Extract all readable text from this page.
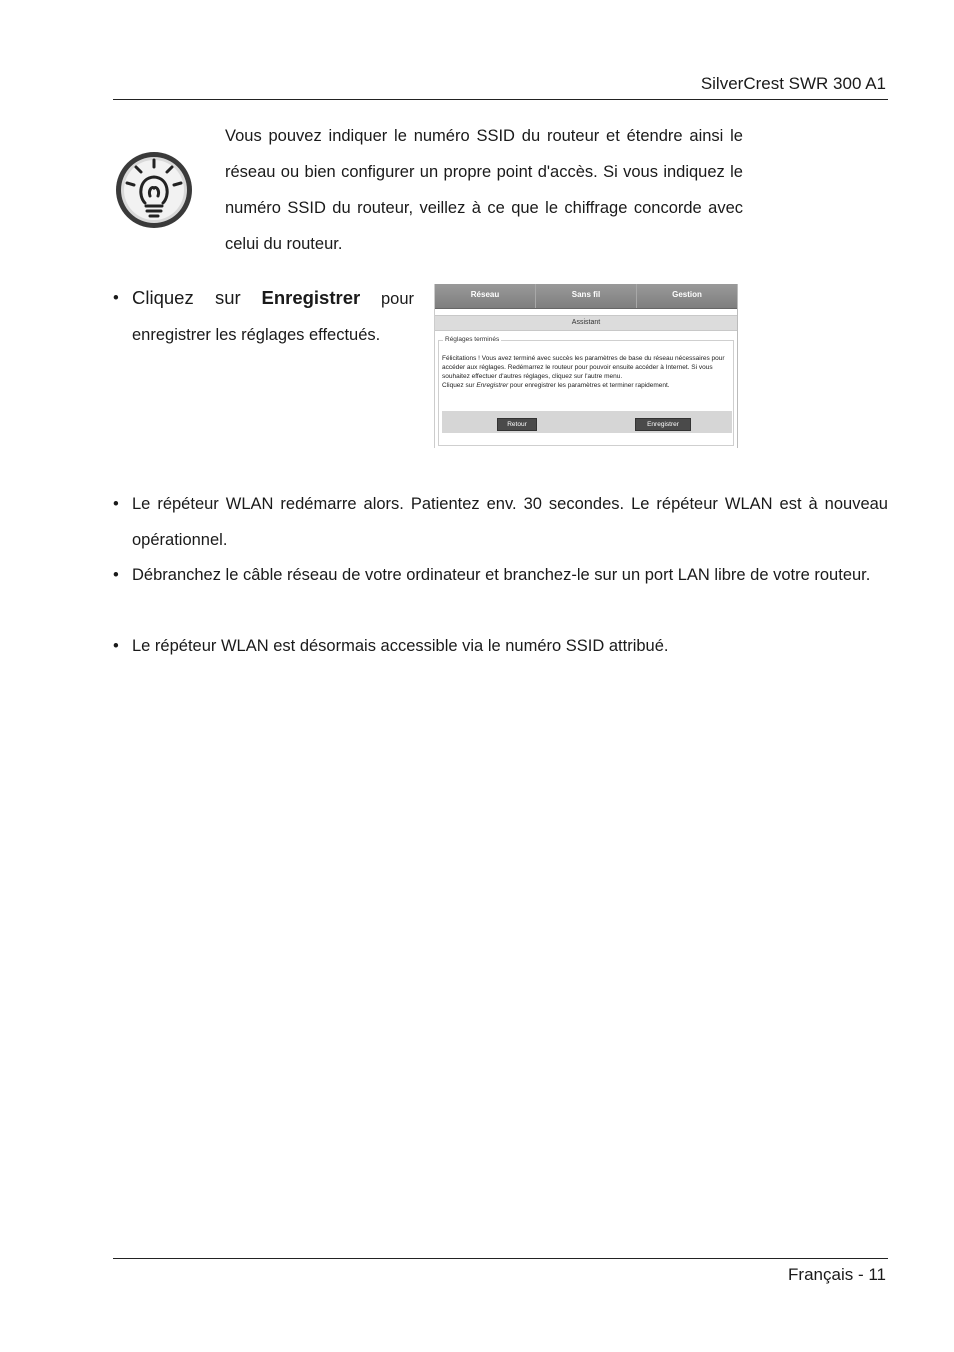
SilverCrest SWR 300 A1

Vous pouvez indiquer le numéro SSID du routeur et étendre ainsi le réseau ou bien configurer un propre point d'accès. Si vous indiquez le numéro SSID du routeur, veillez à ce que le chiffrage concorde avec celui du routeur.

• Cliquez sur Enregistrer pour enregistrer les réglages effectués.
Réseau	Sans fil	Gestion
Assistant
Réglages terminés

Félicitations ! Vous avez terminé avec succès les paramètres de base du réseau nécessaires pour accéder aux réglages. Redémarrez le routeur pour pouvoir ensuite accéder à Internet. Si vous souhaitez effectuer d'autres réglages, cliquez sur l'autre menu.

Cliquez sur Enregistrer pour enregistrer les paramètres et terminer rapidement.

Retour	Enregistrer
• Le répéteur WLAN redémarre alors. Patientez env. 30 secondes. Le répéteur WLAN est à nouveau opérationnel.
• Débranchez le câble réseau de votre ordinateur et branchez-le sur un port LAN libre de votre routeur.
• Le répéteur WLAN est désormais accessible via le numéro SSID attribué.
Français - 11
